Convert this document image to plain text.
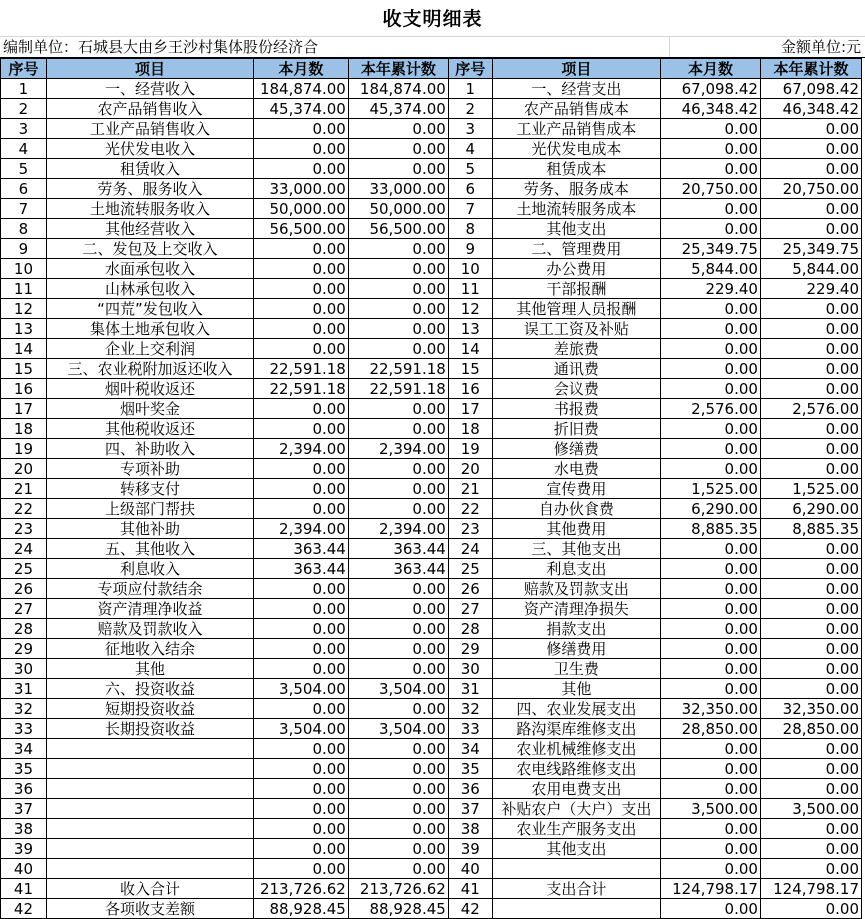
收支明细表
编制单位：石城县大由乡王沙村集体股份经济合	金额单位:元
序号	项目	本月数	本年累计数	序号	项目	本月数	本年累计数
1	一、经营收入	184,874.00	184,874.00	1	一、经营支出	67,098.42	67,098.42
2	农产品销售收入	45,374.00	45,374.00	2	农产品销售成本	46,348.42	46,348.42
3	工业产品销售收入	0.00	0.00	3	工业产品销售成本	0.00	0.00
4	光伏发电收入	0.00	0.00	4	光伏发电成本	0.00	0.00
5	租赁收入	0.00	0.00	5	租赁成本	0.00	0.00
6	劳务、服务收入	33,000.00	33,000.00	6	劳务、服务成本	20,750.00	20,750.00
7	土地流转服务收入	50,000.00	50,000.00	7	土地流转服务成本	0.00	0.00
8	其他经营收入	56,500.00	56,500.00	8	其他支出	0.00	0.00
9	二、发包及上交收入	0.00	0.00	9	二、管理费用	25,349.75	25,349.75
10	水面承包收入	0.00	0.00	10	办公费用	5,844.00	5,844.00
11	山林承包收入	0.00	0.00	11	干部报酬	229.40	229.40
12	“四荒”发包收入	0.00	0.00	12	其他管理人员报酬	0.00	0.00
13	集体土地承包收入	0.00	0.00	13	误工工资及补贴	0.00	0.00
14	企业上交利润	0.00	0.00	14	差旅费	0.00	0.00
15	三、农业税附加返还收入	22,591.18	22,591.18	15	通讯费	0.00	0.00
16	烟叶税收返还	22,591.18	22,591.18	16	会议费	0.00	0.00
17	烟叶奖金	0.00	0.00	17	书报费	2,576.00	2,576.00
18	其他税收返还	0.00	0.00	18	折旧费	0.00	0.00
19	四、补助收入	2,394.00	2,394.00	19	修缮费	0.00	0.00
20	专项补助	0.00	0.00	20	水电费	0.00	0.00
21	转移支付	0.00	0.00	21	宣传费用	1,525.00	1,525.00
22	上级部门帮扶	0.00	0.00	22	自办伙食费	6,290.00	6,290.00
23	其他补助	2,394.00	2,394.00	23	其他费用	8,885.35	8,885.35
24	五、其他收入	363.44	363.44	24	三、其他支出	0.00	0.00
25	利息收入	363.44	363.44	25	利息支出	0.00	0.00
26	专项应付款结余	0.00	0.00	26	赔款及罚款支出	0.00	0.00
27	资产清理净收益	0.00	0.00	27	资产清理净损失	0.00	0.00
28	赔款及罚款收入	0.00	0.00	28	捐款支出	0.00	0.00
29	征地收入结余	0.00	0.00	29	修缮费用	0.00	0.00
30	其他	0.00	0.00	30	卫生费	0.00	0.00
31	六、投资收益	3,504.00	3,504.00	31	其他	0.00	0.00
32	短期投资收益	0.00	0.00	32	四、农业发展支出	32,350.00	32,350.00
33	长期投资收益	3,504.00	3,504.00	33	路沟渠库维修支出	28,850.00	28,850.00
34		0.00	0.00	34	农业机械维修支出	0.00	0.00
35		0.00	0.00	35	农电线路维修支出	0.00	0.00
36		0.00	0.00	36	农用电费支出	0.00	0.00
37		0.00	0.00	37	补贴农户（大户）支出	3,500.00	3,500.00
38		0.00	0.00	38	农业生产服务支出	0.00	0.00
39		0.00	0.00	39	其他支出	0.00	0.00
40		0.00	0.00	40		0.00	0.00
41	收入合计	213,726.62	213,726.62	41	支出合计	124,798.17	124,798.17
42	各项收支差额	88,928.45	88,928.45	42		0.00	0.00
